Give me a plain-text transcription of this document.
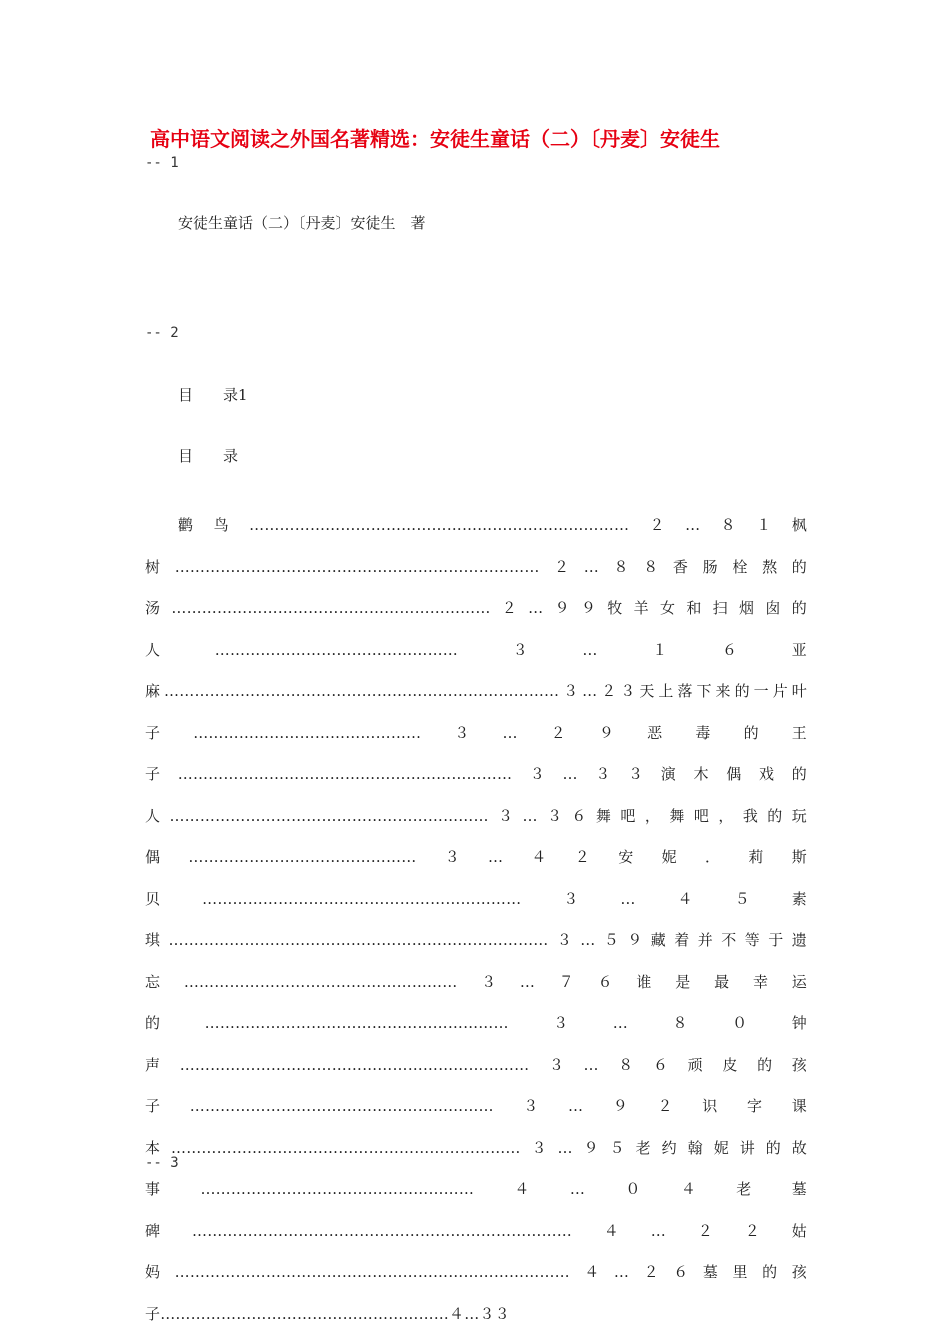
高中语文阅读之外国名著精选：安徒生童话（二）〔丹麦〕安徒生
-- 1
安徒生童话（二）〔丹麦〕安徒生　著
-- 2
目　　录1
目　　录
鹳鸟…………………………………………………………………２…８１枫树………………………………………………………………２…８８香肠栓熬的汤………………………………………………………２…９９牧羊女和扫烟囱的人…………………………………………３…１６亚麻……………………………………………………………………３…２３天上落下来的一片叶子………………………………………３…２９恶毒的王子…………………………………………………………３…３３演木偶戏的人………………………………………………………３…３６舞吧，舞吧，我的玩偶………………………………………３…４２安妮．莉斯贝………………………………………………………３…４５素琪…………………………………………………………………３…５９藏着并不等于遗忘………………………………………………３…７６谁是最幸运的……………………………………………………３…８０钟声……………………………………………………………３…８６顽皮的孩子……………………………………………………３…９２识字课本……………………………………………………………３…９５老约翰妮讲的故事………………………………………………４…０４老墓碑…………………………………………………………………４…２２姑妈……………………………………………………………………４…２６墓里的孩子…………………………………………………４…３３
-- 3
